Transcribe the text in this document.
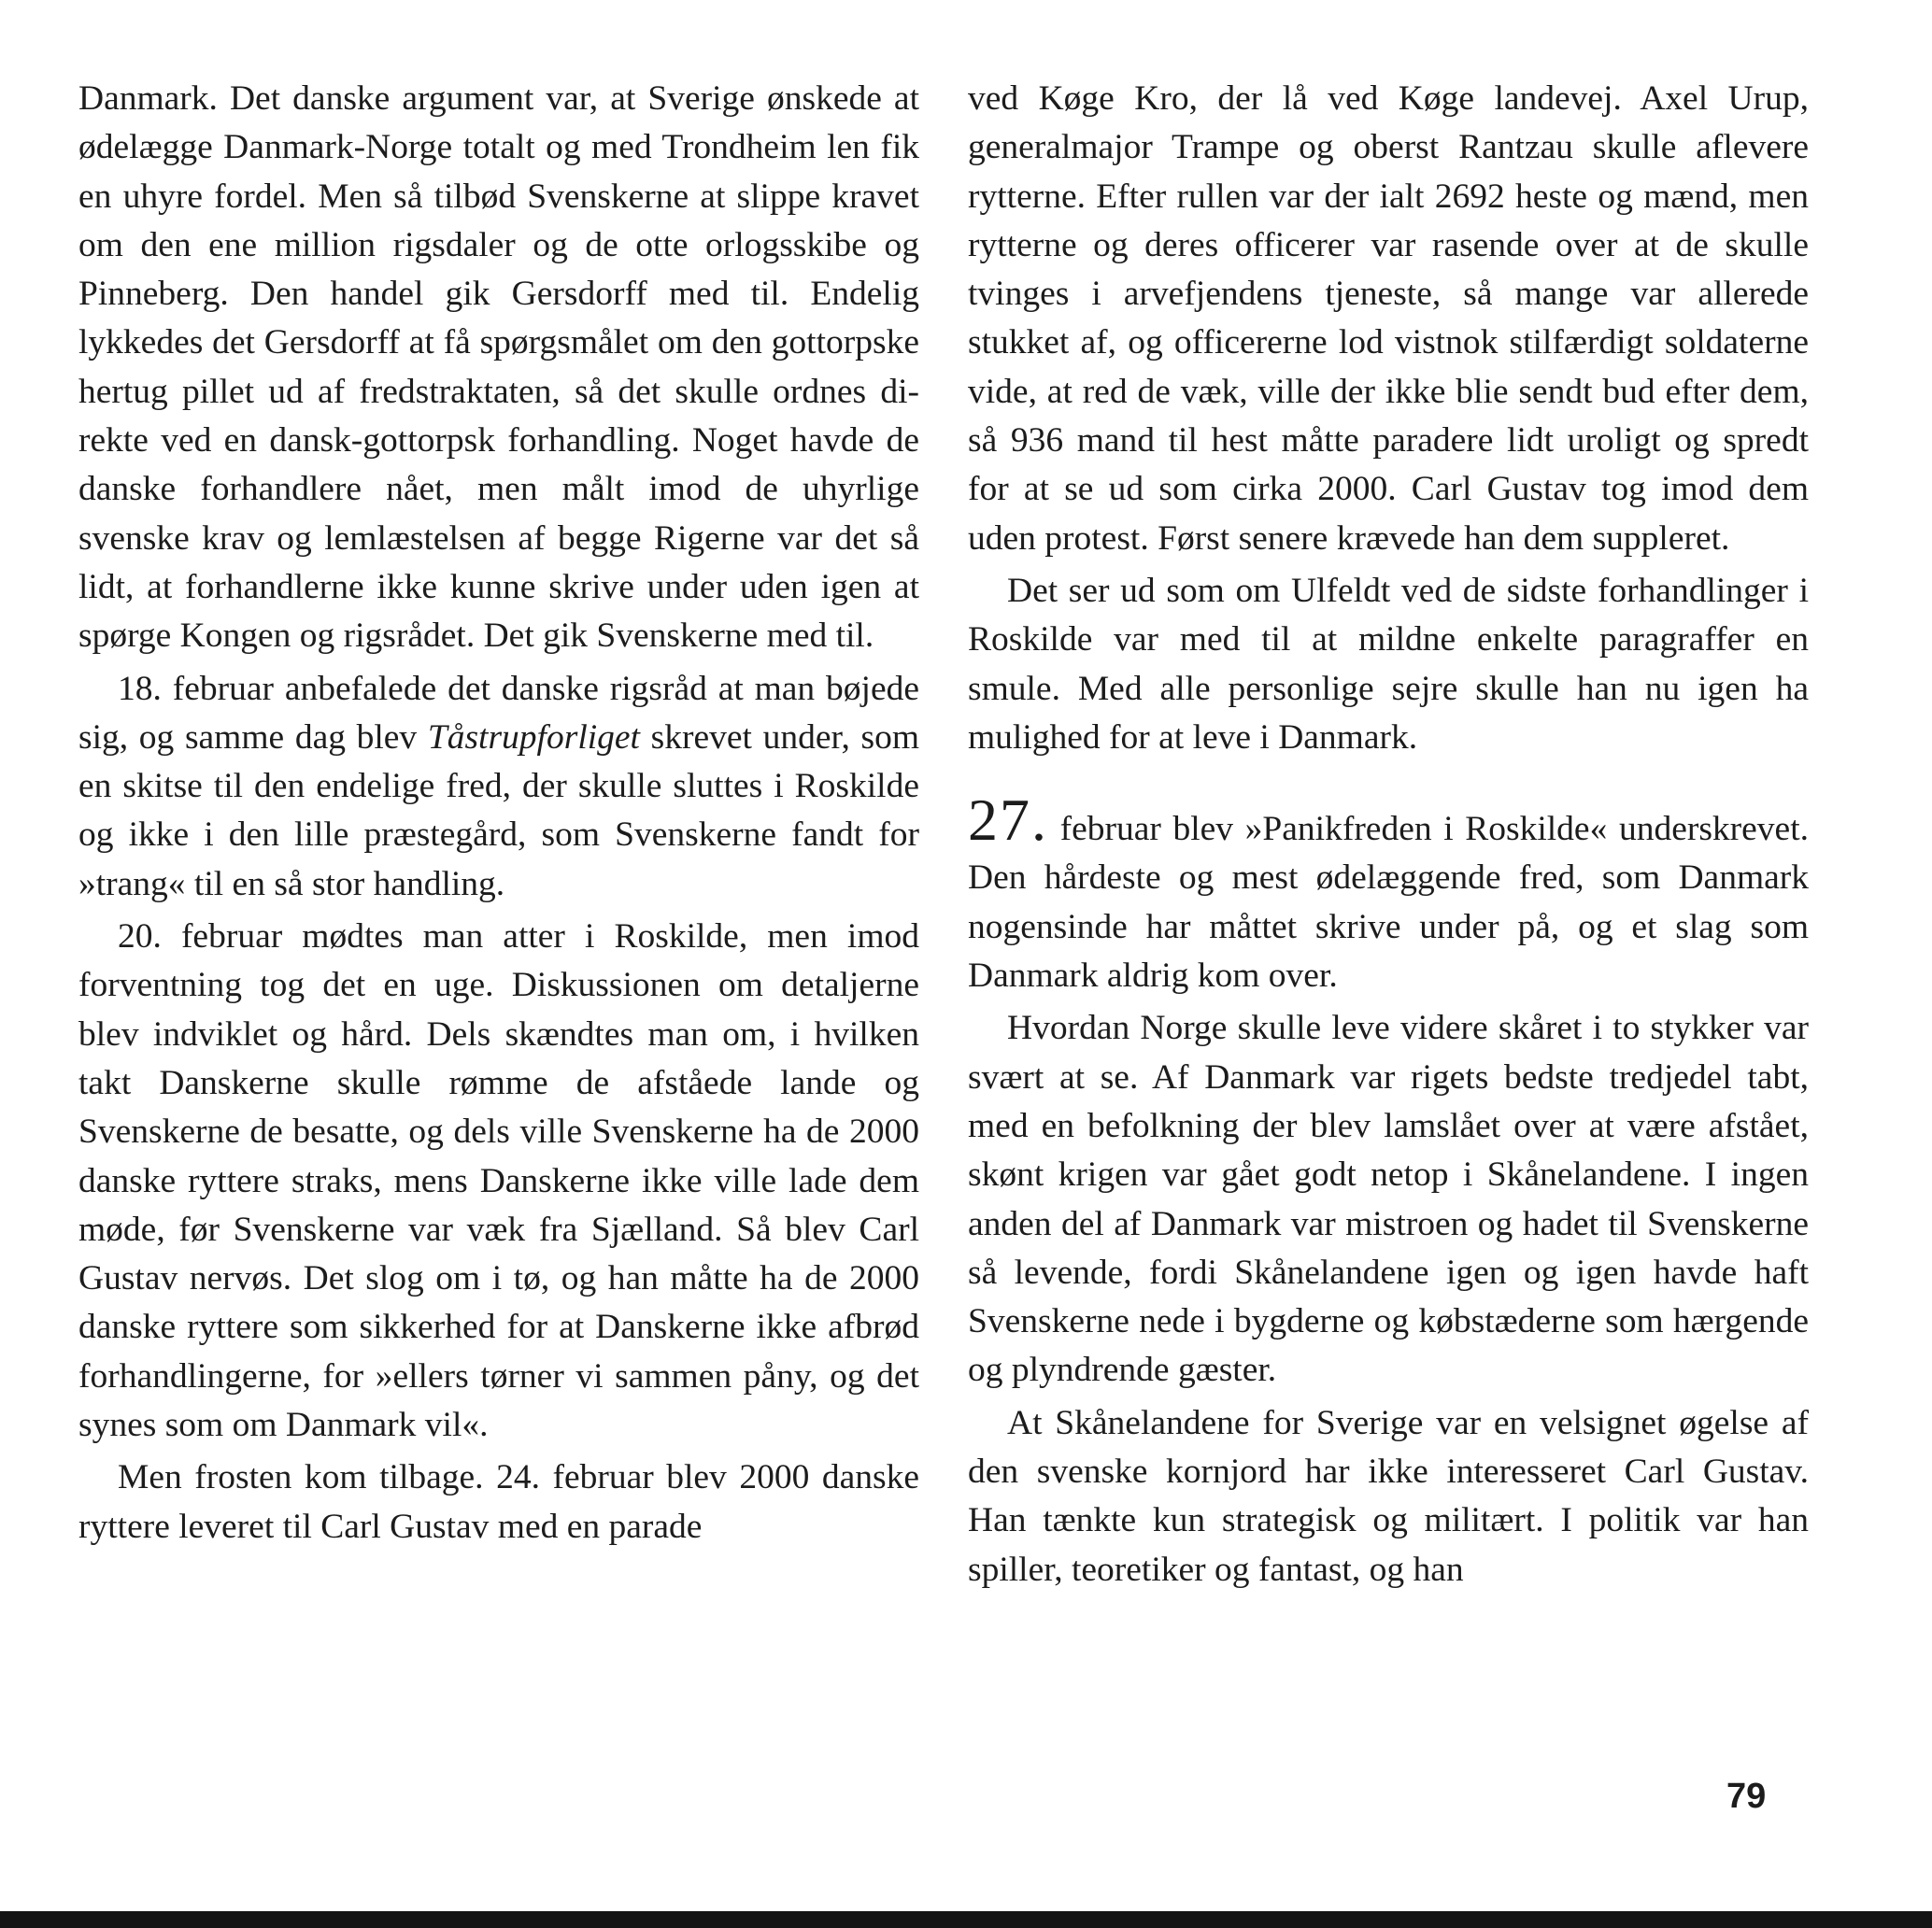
Danmark. Det danske argument var, at Sverige ønskede at ødelægge Danmark-Norge totalt og med Trondheim len fik en uhyre fordel. Men så tilbød Svenskerne at slippe kravet om den ene million rigsdaler og de otte orlogsskibe og Pinneberg. Den handel gik Gersdorff med til. Endelig lykkedes det Gersdorff at få spørgsmålet om den gottorpske hertug pillet ud af fredstraktaten, så det skulle ordnes direkte ved en dansk-gottorpsk forhandling. Noget havde de danske forhandlere nået, men målt imod de uhyrlige svenske krav og lemlæstelsen af begge Rigerne var det så lidt, at forhandlerne ikke kunne skrive under uden igen at spørge Kongen og rigsrådet. Det gik Svenskerne med til.

18. februar anbefalede det danske rigsråd at man bøjede sig, og samme dag blev Tåstrupforliget skrevet under, som en skitse til den endelige fred, der skulle sluttes i Roskilde og ikke i den lille præstegård, som Svenskerne fandt for »trang« til en så stor handling.

20. februar mødtes man atter i Roskilde, men imod forventning tog det en uge. Diskussionen om detaljerne blev indviklet og hård. Dels skændtes man om, i hvilken takt Danskerne skulle rømme de afståede lande og Svenskerne de besatte, og dels ville Svenskerne ha de 2000 danske ryttere straks, mens Danskerne ikke ville lade dem møde, før Svenskerne var væk fra Sjælland. Så blev Carl Gustav nervøs. Det slog om i tø, og han måtte ha de 2000 danske ryttere som sikkerhed for at Danskerne ikke afbrød forhandlingerne, for »ellers tørner vi sammen påny, og det synes som om Danmark vil«.

Men frosten kom tilbage. 24. februar blev 2000 danske ryttere leveret til Carl Gustav med en parade

ved Køge Kro, der lå ved Køge landevej. Axel Urup, generalmajor Trampe og oberst Rantzau skulle aflevere rytterne. Efter rullen var der ialt 2692 heste og mænd, men rytterne og deres officerer var rasende over at de skulle tvinges i arvefjendens tjeneste, så mange var allerede stukket af, og officererne lod vistnok stilfærdigt soldaterne vide, at red de væk, ville der ikke blie sendt bud efter dem, så 936 mand til hest måtte paradere lidt uroligt og spredt for at se ud som cirka 2000. Carl Gustav tog imod dem uden protest. Først senere krævede han dem suppleret.

Det ser ud som om Ulfeldt ved de sidste forhandlinger i Roskilde var med til at mildne enkelte paragraffer en smule. Med alle personlige sejre skulle han nu igen ha mulighed for at leve i Danmark.

27. februar blev »Panikfreden i Roskilde« underskrevet. Den hårdeste og mest ødelæggende fred, som Danmark nogensinde har måttet skrive under på, og et slag som Danmark aldrig kom over.

Hvordan Norge skulle leve videre skåret i to stykker var svært at se. Af Danmark var rigets bedste tredjedel tabt, med en befolkning der blev lamslået over at være afstået, skønt krigen var gået godt netop i Skånelandene. I ingen anden del af Danmark var mistroen og hadet til Svenskerne så levende, fordi Skånelandene igen og igen havde haft Svenskerne nede i bygderne og købstæderne som hærgende og plyndrende gæster.

At Skånelandene for Sverige var en velsignet øgelse af den svenske kornjord har ikke interesseret Carl Gustav. Han tænkte kun strategisk og militært. I politik var han spiller, teoretiker og fantast, og han

79
